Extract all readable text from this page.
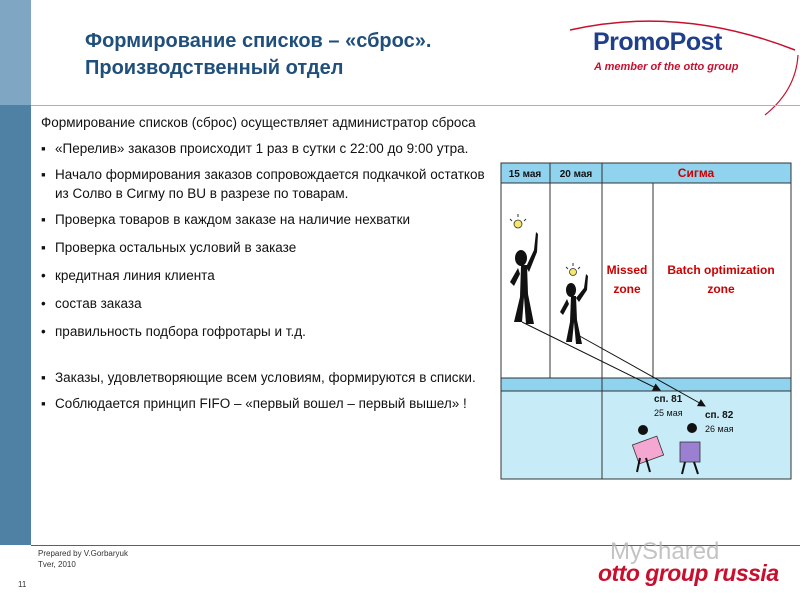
Формирование списков – «сброс».
Производственный отдел
PromoPost
A member of the otto group

Формирование списков (сброс) осуществляет администратор сброса

▪ «Перелив» заказов происходит 1 раз в сутки с 22:00 до 9:00 утра.

▪ Начало формирования заказов сопровождается подкачкой остатков из Солво в Сигму по BU в разрезе по товарам.

▪ Проверка товаров в каждом заказе на наличие нехватки

▪ Проверка остальных условий в заказе

• кредитная линия клиента

• состав заказа

• правильность подбора гофротары и т.д.

▪ Заказы, удовлетворяющие всем условиям, формируются в списки.

▪ Соблюдается принцип FIFO – «первый вошел – первый вышел» !

15 мая 20 мая	Сигма
Missed
zone
Batch optimization
zone
сп. 81
25 мая сп. 82
26 мая
Prepared by V.Gorbaryuk
Tver, 2010
11
MyShared
otto group russia
